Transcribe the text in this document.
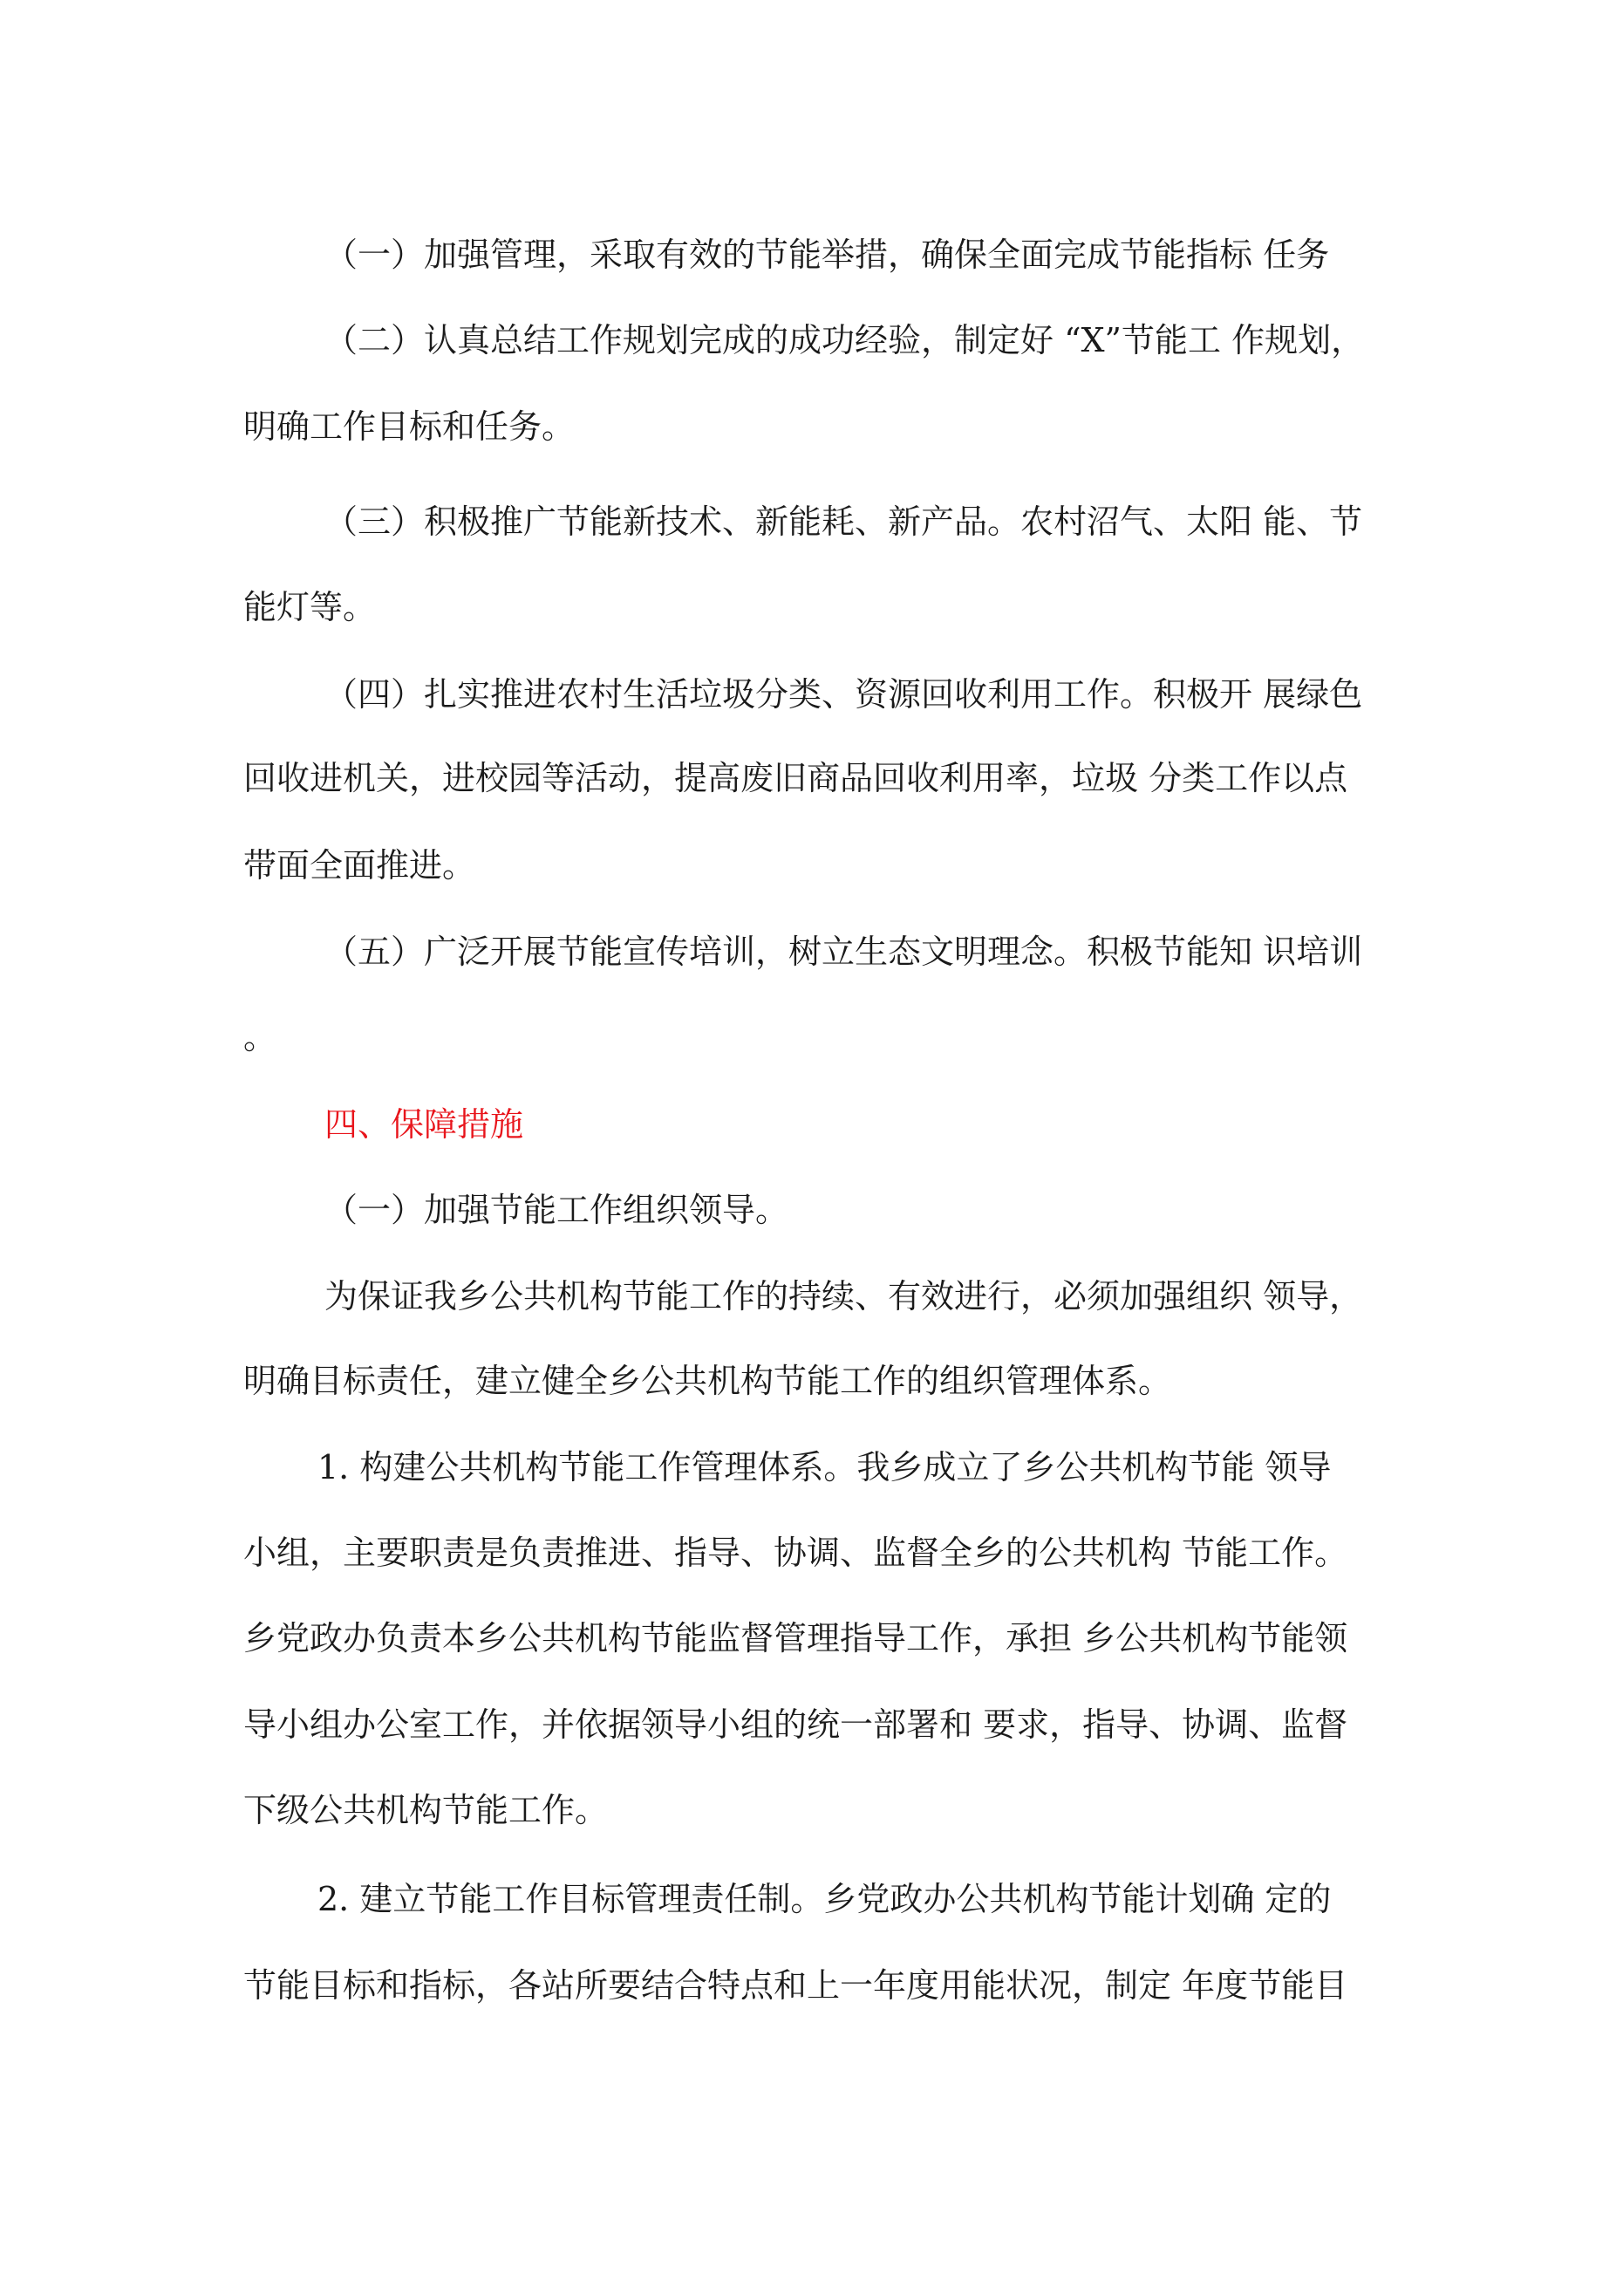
（一）加强管理，采取有效的节能举措，确保全面完成节能指标 任务
（二）认真总结工作规划完成的成功经验，制定好 “X”节能工 作规划，
明确工作目标和任务。
（三）积极推广节能新技术、新能耗、新产品。农村沼气、太阳 能、节
能灯等。
（四）扎实推进农村生活垃圾分类、资源回收利用工作。积极开 展绿色
回收进机关，进校园等活动，提高废旧商品回收利用率，垃圾 分类工作以点
带面全面推进。
（五）广泛开展节能宣传培训，树立生态文明理念。积极节能知 识培训
。
四、保障措施
（一）加强节能工作组织领导。
为保证我乡公共机构节能工作的持续、有效进行，必须加强组织 领导，
明确目标责任，建立健全乡公共机构节能工作的组织管理体系。
1. 构建公共机构节能工作管理体系。我乡成立了乡公共机构节能 领导
小组，主要职责是负责推进、指导、协调、监督全乡的公共机构 节能工作。
乡党政办负责本乡公共机构节能监督管理指导工作，承担 乡公共机构节能领
导小组办公室工作，并依据领导小组的统一部署和 要求，指导、协调、监督
下级公共机构节能工作。
2. 建立节能工作目标管理责任制。乡党政办公共机构节能计划确 定的
节能目标和指标，各站所要结合特点和上一年度用能状况，制定 年度节能目
